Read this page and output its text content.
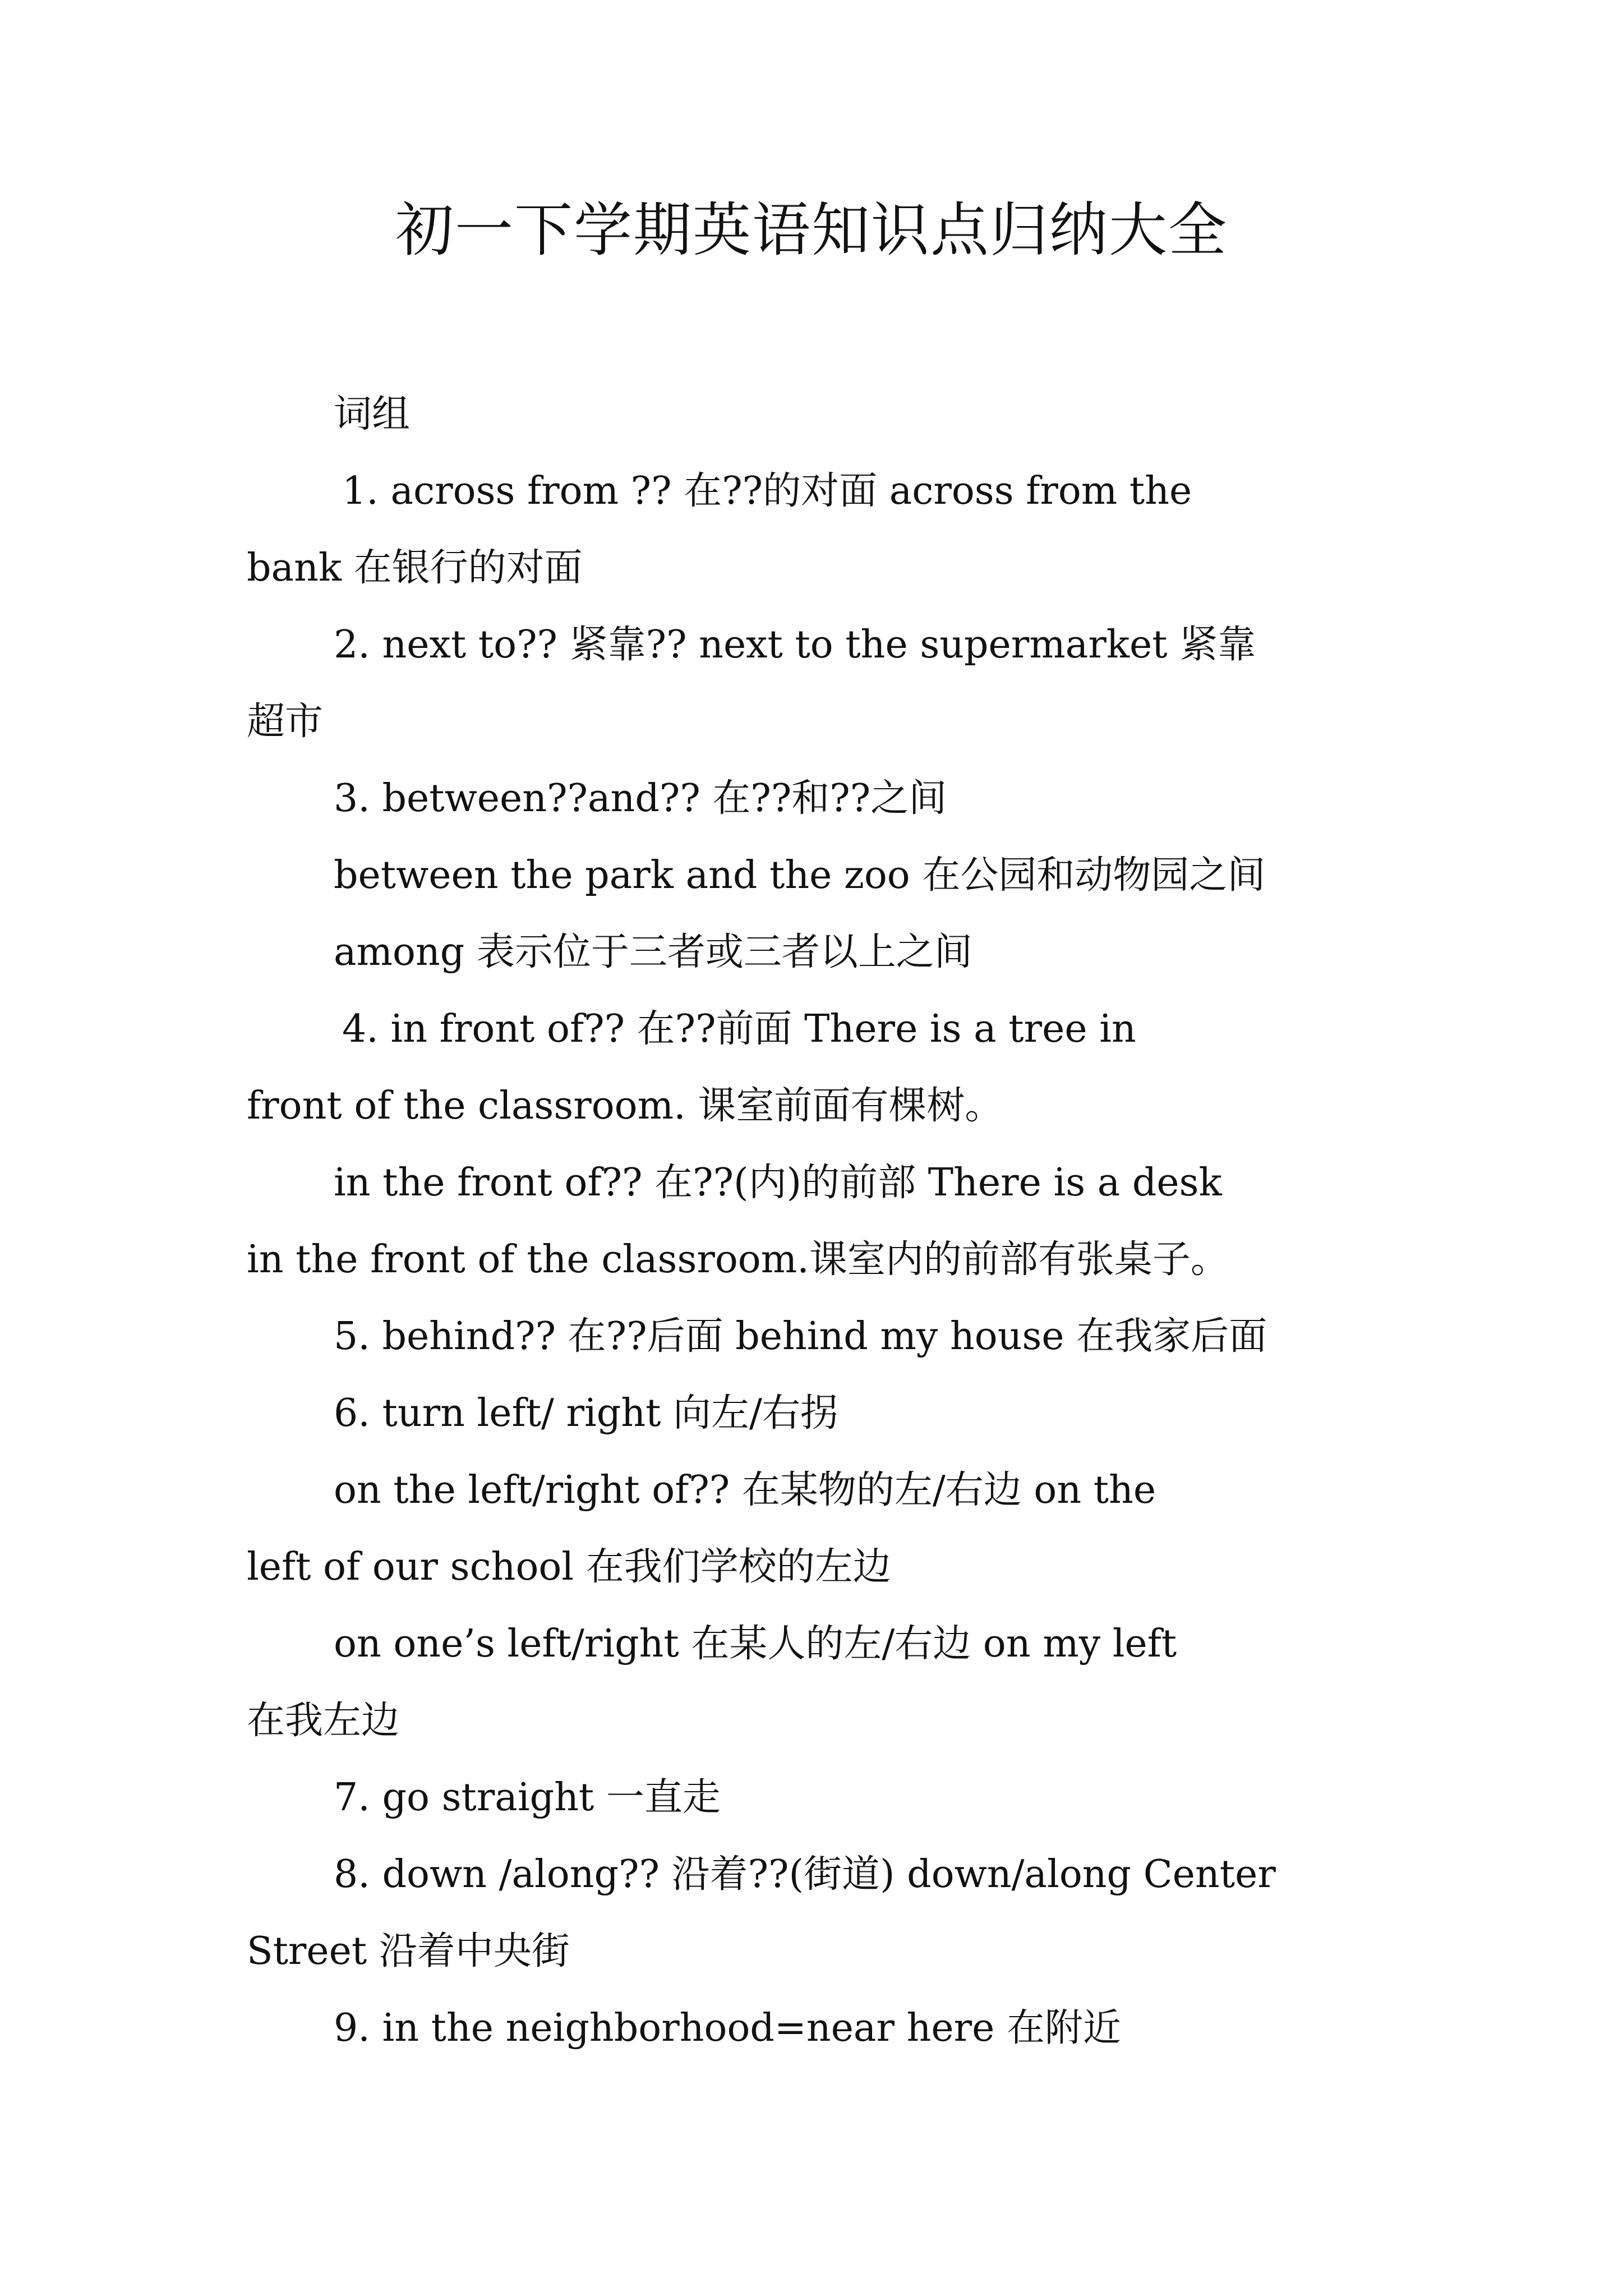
初一下学期英语知识点归纳大全

词组

1. across from ?? 在??的对面 across from the

bank 在银行的对面

2. next to?? 紧靠?? next to the supermarket 紧靠

超市

3. between??and?? 在??和??之间

between the park and the zoo 在公园和动物园之间

among 表示位于三者或三者以上之间

4. in front of?? 在??前面 There is a tree in

front of the classroom. 课室前面有棵树。

in the front of?? 在??(内)的前部 There is a desk

in the front of the classroom.课室内的前部有张桌子。

5. behind?? 在??后面 behind my house 在我家后面

6. turn left/ right 向左/右拐

on the left/right of?? 在某物的左/右边 on the

left of our school 在我们学校的左边

on one’s left/right 在某人的左/右边 on my left

在我左边

7. go straight 一直走

8. down /along?? 沿着??(街道) down/along Center

Street 沿着中央街

9. in the neighborhood=near here 在附近
